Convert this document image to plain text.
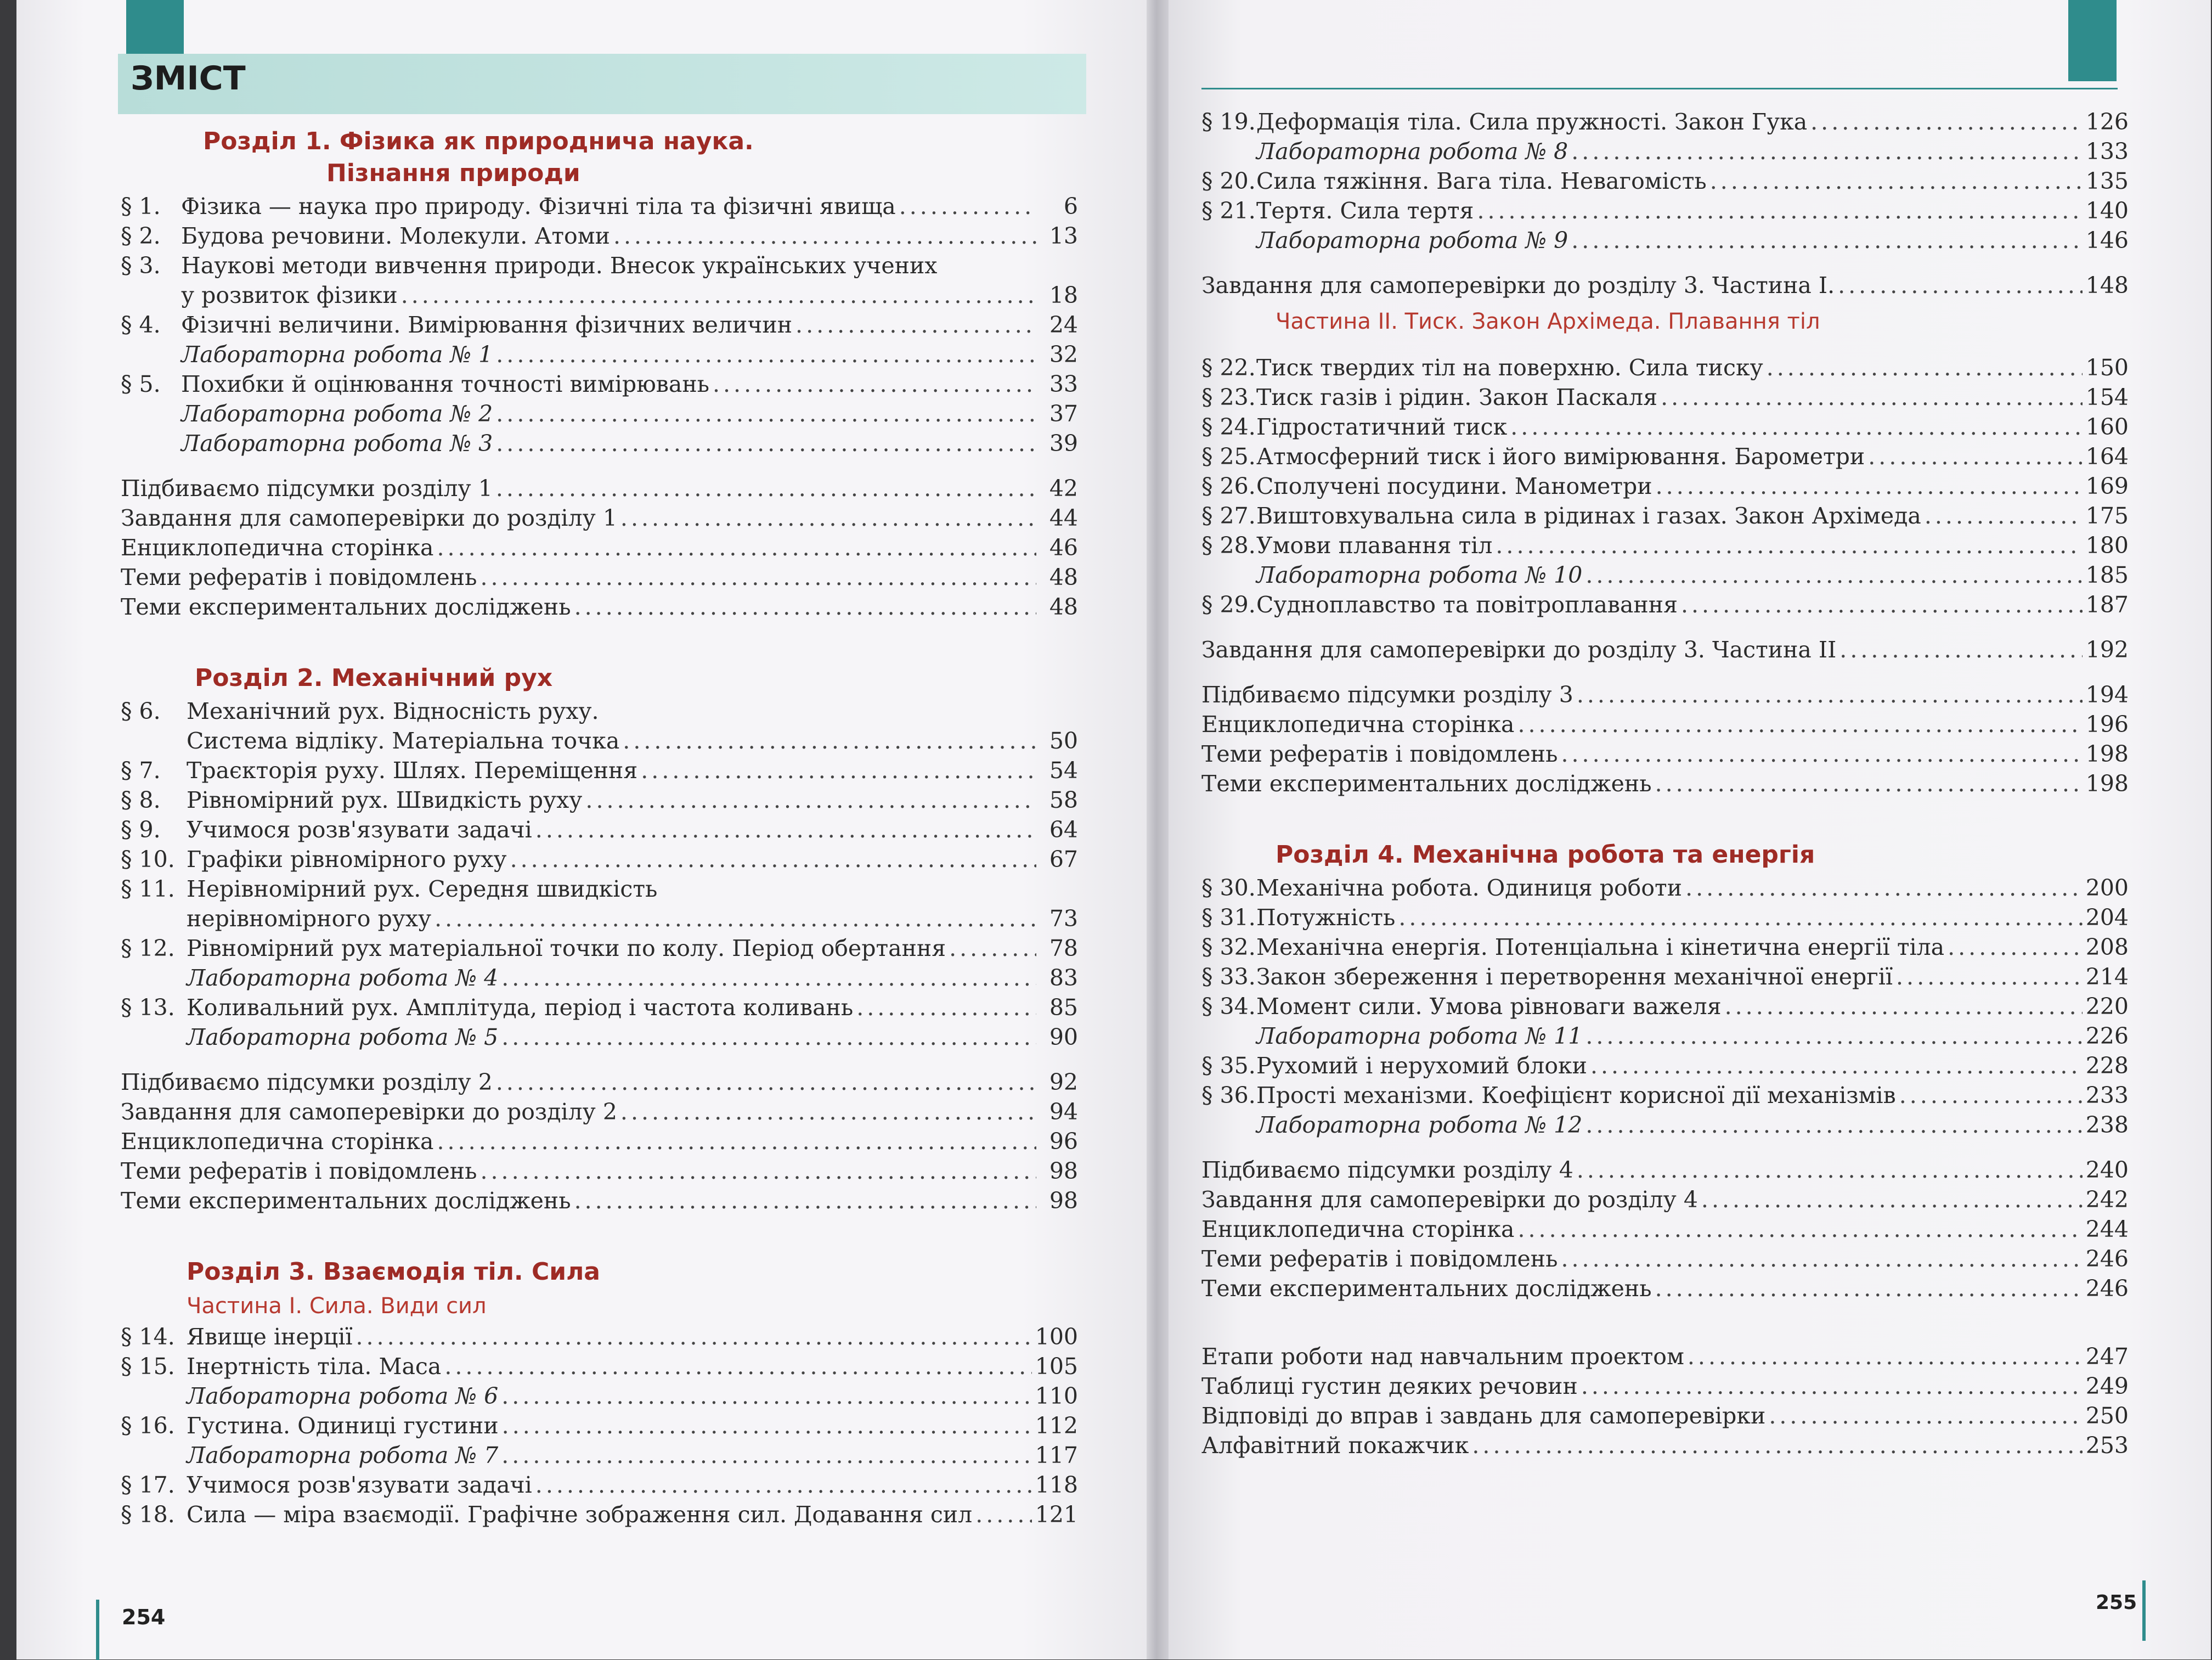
ЗМІСТ
Розділ 1. Фізика як природнича наука.
Пізнання природи
§ 1. Фізика — наука про природу. Фізичні тіла та фізичні явища .....	6
§ 2. Будова речовини. Молекули. Атоми .....	13
§ 3. Наукові методи вивчення природи. Внесок українських учених
у розвиток фізики .....	18
§ 4. Фізичні величини. Вимірювання фізичних величин .....	24
Лабораторна робота № 1 .....	32
§ 5. Похибки й оцінювання точності вимірювань .....	33
Лабораторна робота № 2 .....	37
Лабораторна робота № 3 .....	39
Підбиваємо підсумки розділу 1 .....	42
Завдання для самоперевірки до розділу 1 .....	44
Енциклопедична сторінка .....	46
Теми рефератів і повідомлень .....	48
Теми експериментальних досліджень .....	48
Розділ 2. Механічний рух
§ 6.	Механічний рух. Відносність руху.
Система відліку. Матеріальна точка .....	50
§ 7.	Траєкторія руху. Шлях. Переміщення .....	54
§ 8.	Рівномірний рух. Швидкість руху .....	58
§ 9.	Учимося розв'язувати задачі .....	64
§ 10. Графіки рівномірного руху .....	67
§ 11. Нерівномірний рух. Середня швидкість
нерівномірного руху .....	73
§ 12. Рівномірний рух матеріальної точки по колу. Період обертання .....	78
Лабораторна робота № 4 .....	83
§ 13. Коливальний рух. Амплітуда, період і частота коливань .....	85
Лабораторна робота № 5 .....	90
Підбиваємо підсумки розділу 2 .....	92
Завдання для самоперевірки до розділу 2 .....	94
Енциклопедична сторінка .....	96
Теми рефератів і повідомлень .....	98
Теми експериментальних досліджень .....	98
Розділ 3. Взаємодія тіл. Сила
Частина І. Сила. Види сил
§ 14. Явище інерції .....	100
§ 15. Інертність тіла. Маса .....	105
Лабораторна робота № 6 .....	110
§ 16. Густина. Одиниці густини .....	112
Лабораторна робота № 7 .....	117
§ 17. Учимося розв'язувати задачі .....	118
§ 18. Сила — міра взаємодії. Графічне зображення сил. Додавання сил .....	121
254
§ 19. Деформація тіла. Сила пружності. Закон Гука .....	126
Лабораторна робота № 8 .....	133
§ 20. Сила тяжіння. Вага тіла. Невагомість .....	135
§ 21. Тертя. Сила тертя .....	140
Лабораторна робота № 9 .....	146
Завдання для самоперевірки до розділу 3. Частина І. .....	148
Частина ІІ. Тиск. Закон Архімеда. Плавання тіл
§ 22. Тиск твердих тіл на поверхню. Сила тиску .....	150
§ 23. Тиск газів і рідин. Закон Паскаля .....	154
§ 24. Гідростатичний тиск .....	160
§ 25. Атмосферний тиск і його вимірювання. Барометри .....	164
§ 26. Сполучені посудини. Манометри .....	169
§ 27. Виштовхувальна сила в рідинах і газах. Закон Архімеда .....	175
§ 28. Умови плавання тіл .....	180
Лабораторна робота № 10 .....	185
§ 29. Судноплавство та повітроплавання .....	187
Завдання для самоперевірки до розділу 3. Частина ІІ .....	192
Підбиваємо підсумки розділу 3 .....	194
Енциклопедична сторінка .....	196
Теми рефератів і повідомлень .....	198
Теми експериментальних досліджень .....	198
Розділ 4. Механічна робота та енергія
§ 30. Механічна робота. Одиниця роботи .....	200
§ 31. Потужність .....	204
§ 32. Механічна енергія. Потенціальна і кінетична енергії тіла .....	208
§ 33. Закон збереження і перетворення механічної енергії .....	214
§ 34. Момент сили. Умова рівноваги важеля .....	220
Лабораторна робота № 11 .....	226
§ 35. Рухомий і нерухомий блоки .....	228
§ 36. Прості механізми. Коефіцієнт корисної дії механізмів .....	233
Лабораторна робота № 12 .....	238
Підбиваємо підсумки розділу 4 .....	240
Завдання для самоперевірки до розділу 4 .....	242
Енциклопедична сторінка .....	244
Теми рефератів і повідомлень .....	246
Теми експериментальних досліджень .....	246
Етапи роботи над навчальним проектом .....	247
Таблиці густин деяких речовин .....	249
Відповіді до вправ і завдань для самоперевірки .....	250
Алфавітний покажчик .....	253
255
